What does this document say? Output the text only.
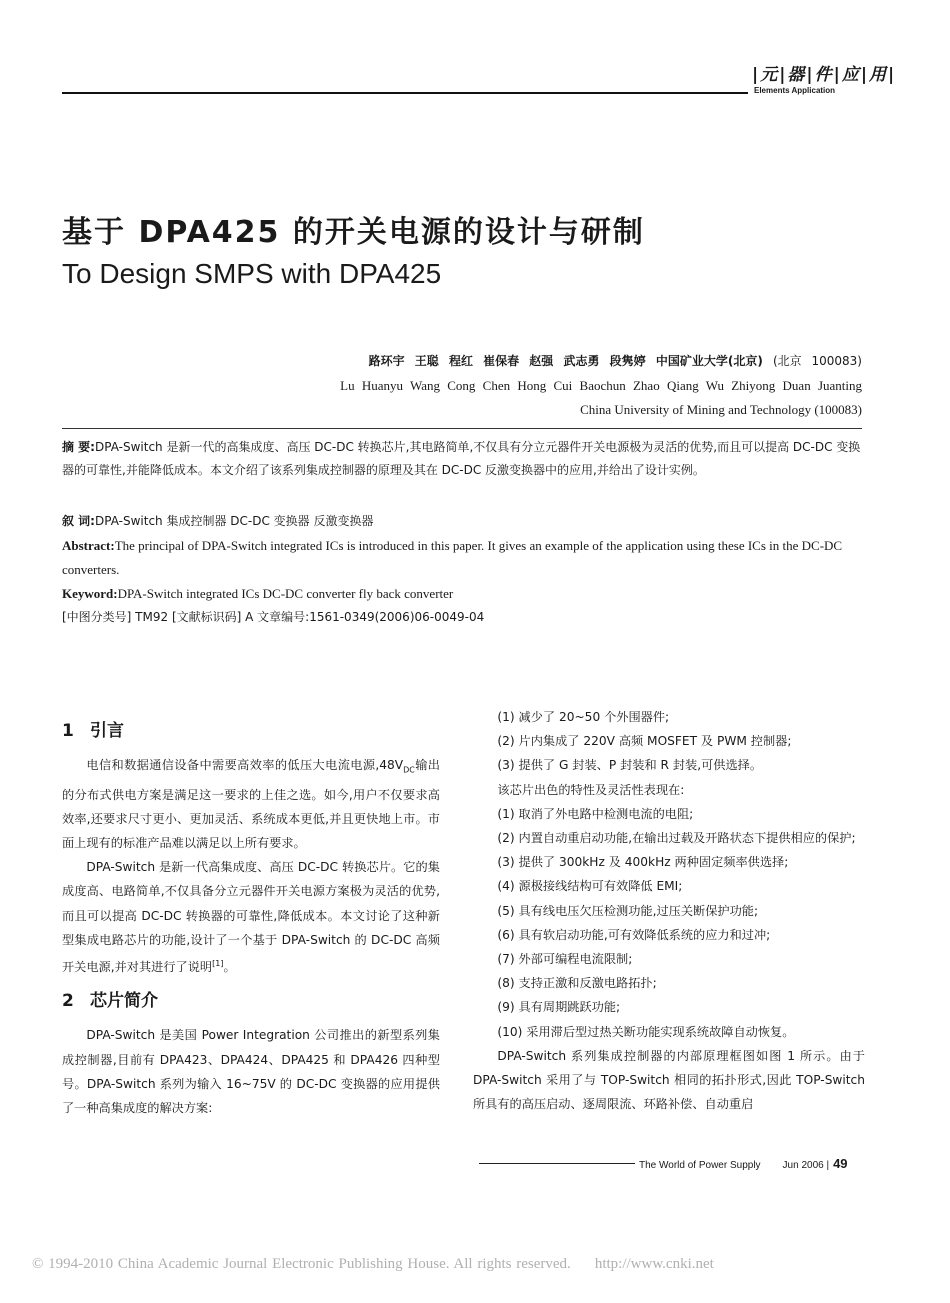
|元|器|件|应|用|
Elements Application
基于 DPA425 的开关电源的设计与研制
To Design SMPS with DPA425
路环宇 王聪 程红 崔保春 赵强 武志勇 段隽婷 中国矿业大学(北京) (北京 100083)
Lu Huanyu Wang Cong Chen Hong Cui Baochun Zhao Qiang Wu Zhiyong Duan Juanting
China University of Mining and Technology (100083)
摘 要:DPA-Switch 是新一代的高集成度、高压 DC-DC 转换芯片,其电路简单,不仅具有分立元器件开关电源极为灵活的优势,而且可以提高 DC-DC 变换器的可靠性,并能降低成本。本文介绍了该系列集成控制器的原理及其在 DC-DC 反激变换器中的应用,并给出了设计实例。
叙 词:DPA-Switch 集成控制器 DC-DC 变换器 反激变换器
Abstract:The principal of DPA-Switch integrated ICs is introduced in this paper. It gives an example of the application using these ICs in the DC-DC converters.
Keyword:DPA-Switch integrated ICs DC-DC converter fly back converter
[中图分类号] TM92 [文献标识码] A 文章编号:1561-0349(2006)06-0049-04
1 引言

电信和数据通信设备中需要高效率的低压大电流电源$,48V_{DC}$输出的分布式供电方案是满足这一要求的上佳之选。如今,用户不仅要求高效率,还要求尺寸更小、更加灵活、系统成本更低,并且更快地上市。市面上现有的标准产品难以满足以上所有要求。

DPA-Switch 是新一代高集成度、高压 DC-DC 转换芯片。它的集成度高、电路简单,不仅具备分立元器件开关电源方案极为灵活的优势,而且可以提高 DC-DC 转换器的可靠性,降低成本。本文讨论了这种新型集成电路芯片的功能,设计了一个基于 DPA-Switch 的 DC-DC 高频开关电源,并对其进行了说明[1]。

2 芯片简介

DPA-Switch 是美国 Power Integration 公司推出的新型系列集成控制器,目前有 DPA423、DPA424、DPA425 和 DPA426 四种型号。DPA-Switch 系列为输入 16~75V 的 DC-DC 变换器的应用提供了一种高集成度的解决方案:

(1) 减少了 20~50 个外围器件;

(2) 片内集成了 220V 高频 MOSFET 及 PWM 控制器;

(3) 提供了 G 封装、P 封装和 R 封装,可供选择。

该芯片出色的特性及灵活性表现在:

(1) 取消了外电路中检测电流的电阻;

(2) 内置自动重启动功能,在输出过载及开路状态下提供相应的保护;

(3) 提供了 300kHz 及 400kHz 两种固定频率供选择;

(4) 源极接线结构可有效降低 EMI;

(5) 具有线电压欠压检测功能,过压关断保护功能;

(6) 具有软启动功能,可有效降低系统的应力和过冲;

(7) 外部可编程电流限制;

(8) 支持正激和反激电路拓扑;

(9) 具有周期跳跃功能;

(10) 采用滞后型过热关断功能实现系统故障自动恢复。

DPA-Switch 系列集成控制器的内部原理框图如图 1 所示。由于 DPA-Switch 采用了与 TOP-Switch 相同的拓扑形式,因此 TOP-Switch 所具有的高压启动、逐周限流、环路补偿、自动重启

The World of Power Supply Jun 2006 | 49
© 1994-2010 China Academic Journal Electronic Publishing House. All rights reserved. http://www.cnki.net
